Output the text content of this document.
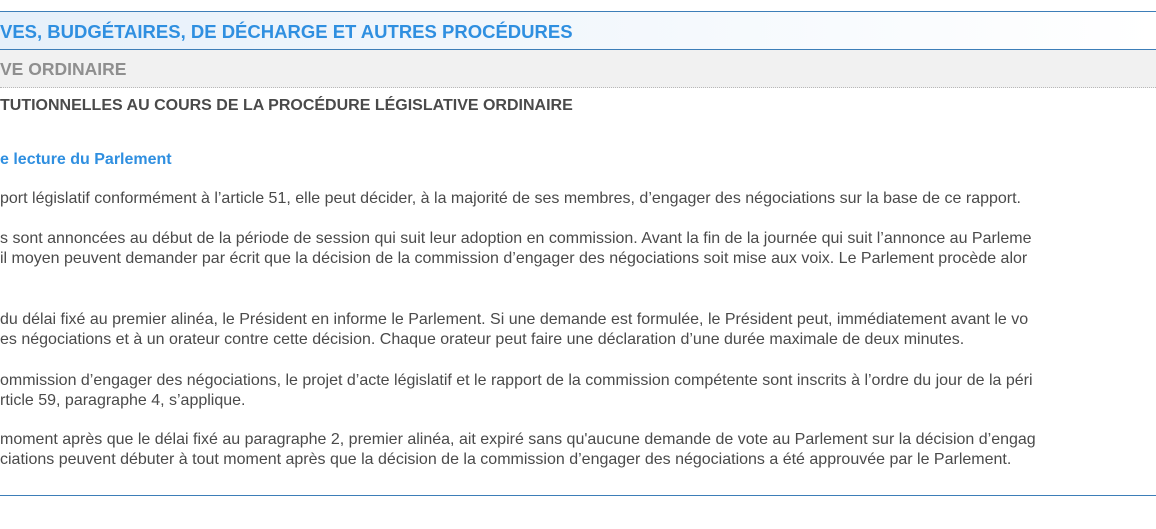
VES, BUDGÉTAIRES, DE DÉCHARGE ET AUTRES PROCÉDURES
VE ORDINAIRE
TUTIONNELLES AU COURS DE LA PROCÉDURE LÉGISLATIVE ORDINAIRE
e lecture du Parlement
port législatif conformément à l’article 51, elle peut décider, à la majorité de ses membres, d’engager des négociations sur la base de ce rapport.
s sont annoncées au début de la période de session qui suit leur adoption en commission. Avant la fin de la journée qui suit l’annonce au Parleme
il moyen peuvent demander par écrit que la décision de la commission d’engager des négociations soit mise aux voix. Le Parlement procède alor
du délai fixé au premier alinéa, le Président en informe le Parlement. Si une demande est formulée, le Président peut, immédiatement avant le vo
es négociations et à un orateur contre cette décision. Chaque orateur peut faire une déclaration d’une durée maximale de deux minutes.
ommission d’engager des négociations, le projet d’acte législatif et le rapport de la commission compétente sont inscrits à l’ordre du jour de la péri
rticle 59, paragraphe 4, s’applique.
moment après que le délai fixé au paragraphe 2, premier alinéa, ait expiré sans qu'aucune demande de vote au Parlement sur la décision d’engag
ciations peuvent débuter à tout moment après que la décision de la commission d’engager des négociations a été approuvée par le Parlement.
